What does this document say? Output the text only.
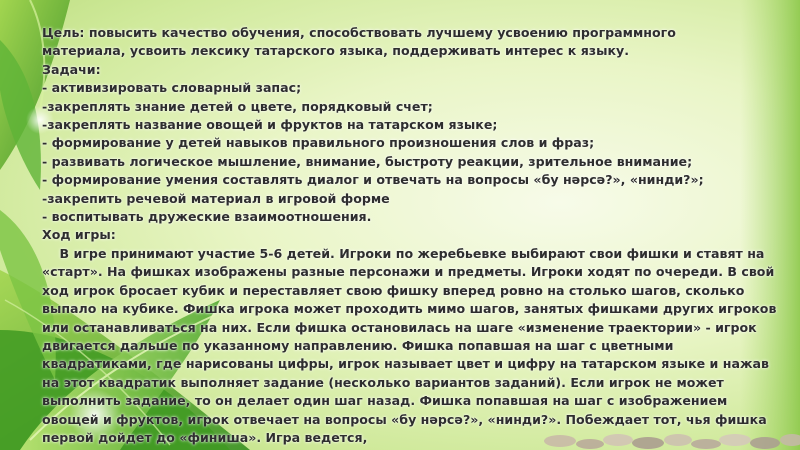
Цель: повысить качество обучения, способствовать лучшему усвоению программного
материала, усвоить лексику татарского языка, поддерживать интерес к языку.
Задачи:
- активизировать словарный запас;
-закреплять знание детей о цвете, порядковый счет;
-закреплять название овощей и фруктов на татарском языке;
- формирование у детей навыков правильного произношения слов и фраз;
- развивать логическое мышление, внимание, быстроту реакции, зрительное внимание;
- формирование умения составлять диалог и отвечать на вопросы «бу нәрсә?», «нинди?»;
-закрепить речевой материал в игровой форме
- воспитывать дружеские взаимоотношения.
Ход игры:
В игре принимают участие 5-6 детей. Игроки по жеребьевке выбирают свои фишки и ставят на «старт». На фишках изображены разные персонажи и предметы. Игроки ходят по очереди. В свой ход игрок бросает кубик и переставляет свою фишку вперед ровно на столько шагов, сколько выпало на кубике. Фишка игрока может проходить мимо шагов, занятых фишками других игроков или останавливаться на них. Если фишка остановилась на шаге «изменение траектории» - игрок двигается дальше по указанному направлению. Фишка попавшая на шаг с цветными квадратиками, где нарисованы цифры, игрок называет цвет и цифру на татарском языке и нажав на этот квадратик выполняет задание (несколько вариантов заданий). Если игрок не может выполнить задание, то он делает один шаг назад. Фишка попавшая на шаг с изображением овощей и фруктов, игрок отвечает на вопросы «бу нәрсә?», «нинди?». Побеждает тот, чья фишка первой дойдет до «финиша». Игра ведется,
